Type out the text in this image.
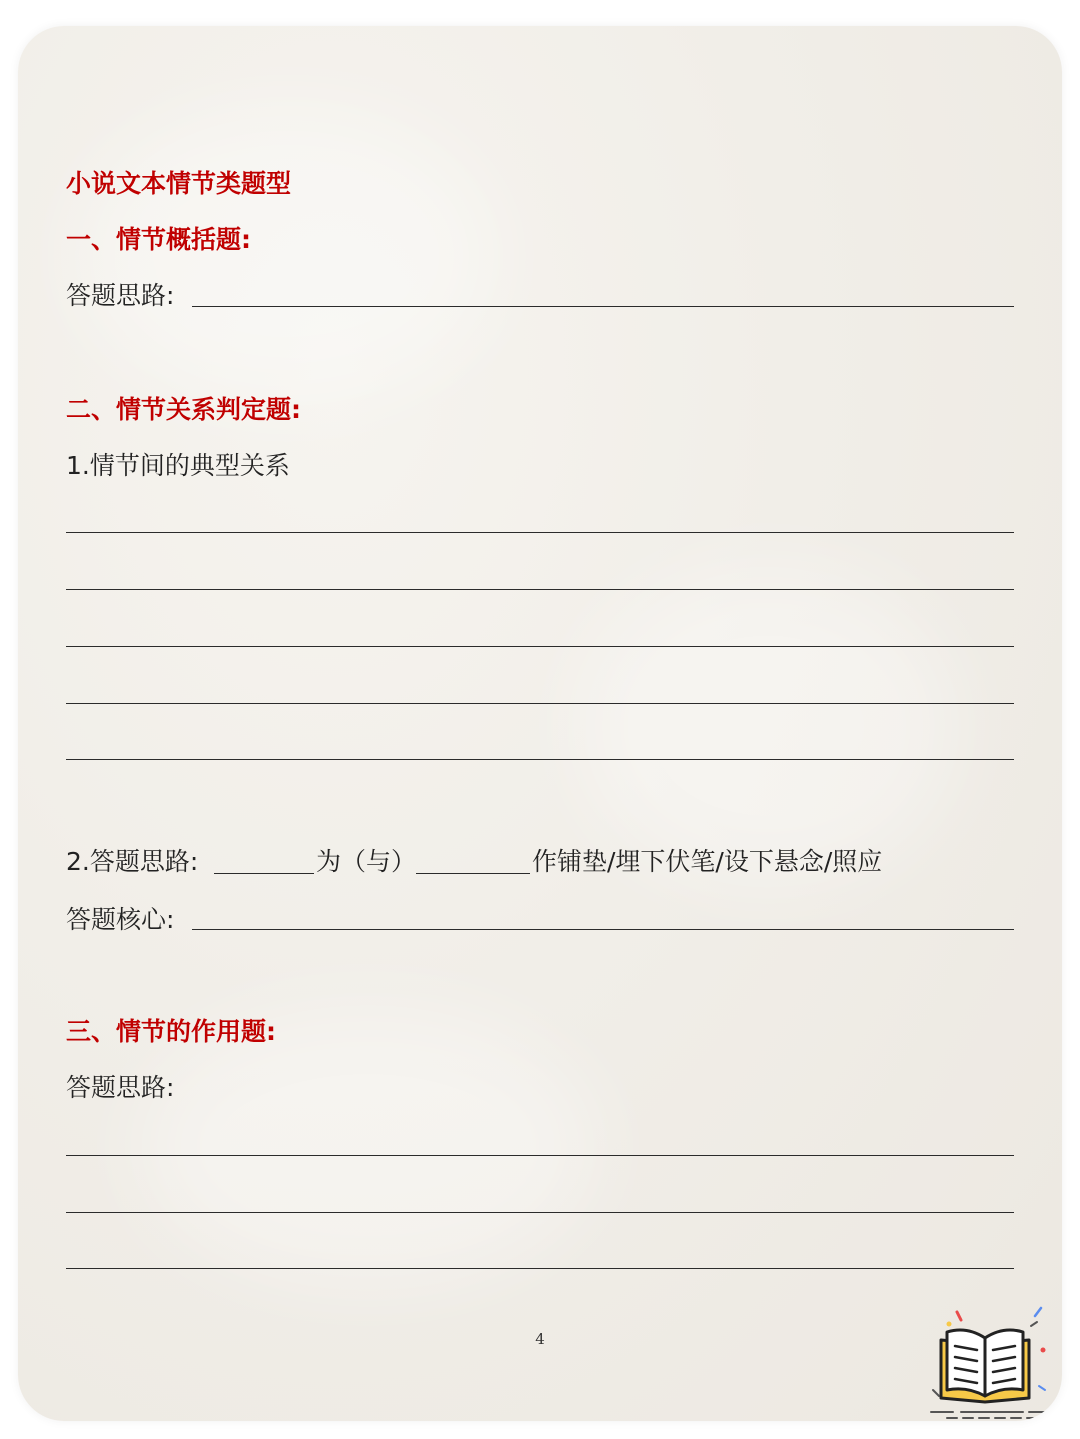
小说文本情节类题型
一、情节概括题:
答题思路:
二、情节关系判定题:
1.情节间的典型关系
2.答题思路:	为（与）	作铺垫/埋下伏笔/设下悬念/照应
答题核心:
三、情节的作用题:
答题思路:
4
